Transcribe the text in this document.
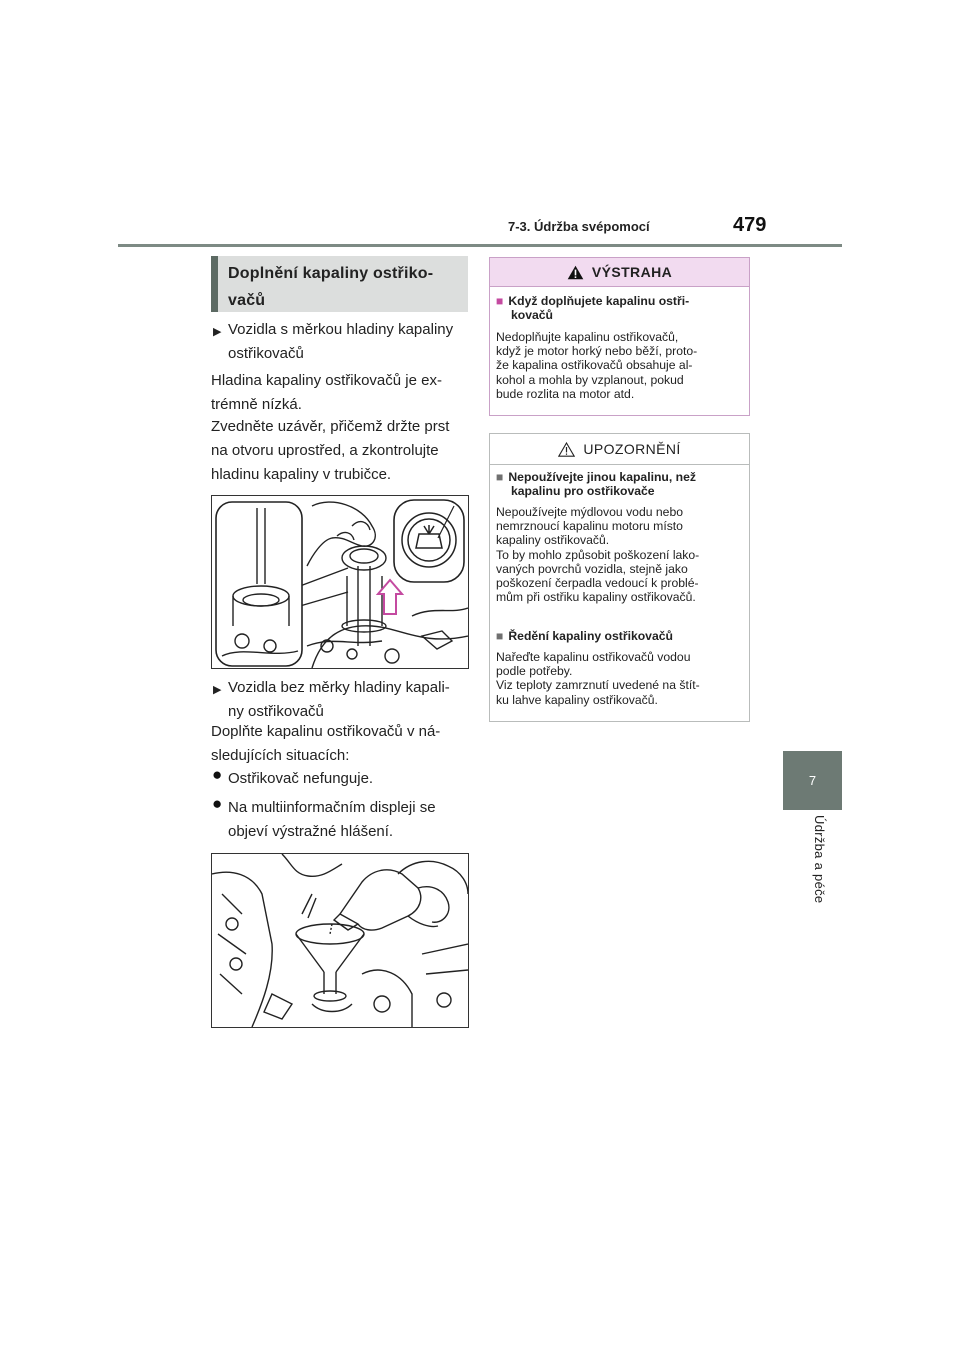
7-3. Údržba svépomocí	479
7
Údržba a péče
Doplnění kapaliny ostřiko-
vačů
▶ Vozidla s měrkou hladiny kapaliny
ostřikovačů
Hladina kapaliny ostřikovačů je ex-
trémně nízká.
Zvedněte uzávěr, přičemž držte prst
na otvoru uprostřed, a zkontrolujte
hladinu kapaliny v trubičce.
▶ Vozidla bez měrky hladiny kapali-
ny ostřikovačů
Doplňte kapalinu ostřikovačů v ná-
sledujících situacích:
● Ostřikovač nefunguje.
● Na multiinformačním displeji se
objeví výstražné hlášení.
VÝSTRAHA
■ Když doplňujete kapalinu ostři-
kovačů
Nedoplňujte kapalinu ostřikovačů,
když je motor horký nebo běží, proto-
že kapalina ostřikovačů obsahuje al-
kohol a mohla by vzplanout, pokud
bude rozlita na motor atd.
UPOZORNĚNÍ
■ Nepoužívejte jinou kapalinu, než
kapalinu pro ostřikovače
Nepoužívejte mýdlovou vodu nebo
nemrznoucí kapalinu motoru místo
kapaliny ostřikovačů.
To by mohlo způsobit poškození lako-
vaných povrchů vozidla, stejně jako
poškození čerpadla vedoucí k problé-
mům při ostřiku kapaliny ostřikovačů.
■ Ředění kapaliny ostřikovačů
Nařeďte kapalinu ostřikovačů vodou
podle potřeby.
Viz teploty zamrznutí uvedené na štít-
ku lahve kapaliny ostřikovačů.
